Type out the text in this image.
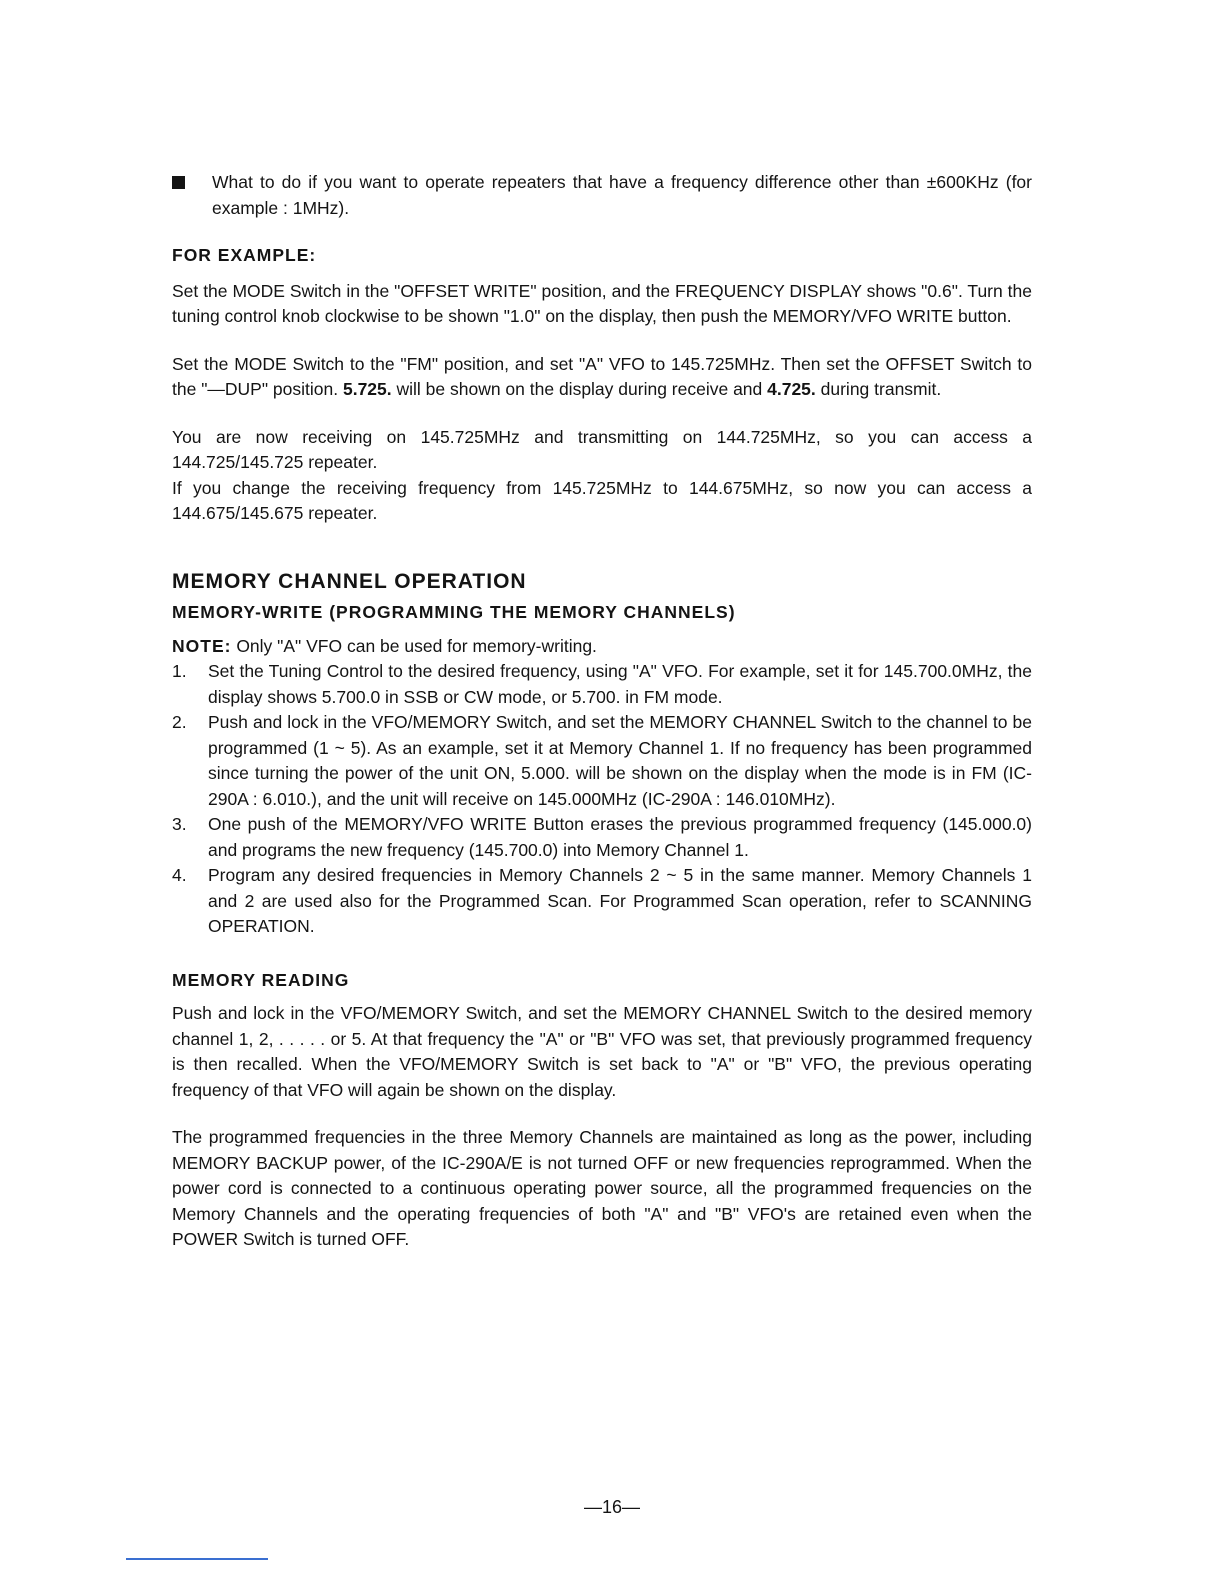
What to do if you want to operate repeaters that have a frequency difference other than ±600KHz (for example : 1MHz).
FOR EXAMPLE:

Set the MODE Switch in the "OFFSET WRITE" position, and the FREQUENCY DISPLAY shows "0.6". Turn the tuning control knob clockwise to be shown "1.0" on the display, then push the MEMORY/VFO WRITE button.

Set the MODE Switch to the "FM" position, and set "A" VFO to 145.725MHz. Then set the OFFSET Switch to the "—DUP" position. 5.725. will be shown on the display during receive and 4.725. during transmit.

You are now receiving on 145.725MHz and transmitting on 144.725MHz, so you can access a 144.725/145.725 repeater.

If you change the receiving frequency from 145.725MHz to 144.675MHz, so now you can access a 144.675/145.675 repeater.

MEMORY CHANNEL OPERATION
MEMORY-WRITE (PROGRAMMING THE MEMORY CHANNELS)

NOTE: Only "A" VFO can be used for memory-writing.

1. Set the Tuning Control to the desired frequency, using "A" VFO. For example, set it for 145.700.0MHz, the display shows 5.700.0 in SSB or CW mode, or 5.700. in FM mode.
2. Push and lock in the VFO/MEMORY Switch, and set the MEMORY CHANNEL Switch to the channel to be programmed (1 ~ 5). As an example, set it at Memory Channel 1. If no frequency has been programmed since turning the power of the unit ON, 5.000. will be shown on the display when the mode is in FM (IC-290A : 6.010.), and the unit will receive on 145.000MHz (IC-290A : 146.010MHz).
3. One push of the MEMORY/VFO WRITE Button erases the previous programmed frequency (145.000.0) and programs the new frequency (145.700.0) into Memory Channel 1.
4. Program any desired frequencies in Memory Channels 2 ~ 5 in the same manner. Memory Channels 1 and 2 are used also for the Programmed Scan. For Programmed Scan operation, refer to SCANNING OPERATION.
MEMORY READING

Push and lock in the VFO/MEMORY Switch, and set the MEMORY CHANNEL Switch to the desired memory channel 1, 2, . . . . . or 5. At that frequency the "A" or "B" VFO was set, that previously programmed frequency is then recalled. When the VFO/MEMORY Switch is set back to "A" or "B" VFO, the previous operating frequency of that VFO will again be shown on the display.

The programmed frequencies in the three Memory Channels are maintained as long as the power, including MEMORY BACKUP power, of the IC-290A/E is not turned OFF or new frequencies reprogrammed. When the power cord is connected to a continuous operating power source, all the programmed frequencies on the Memory Channels and the operating frequencies of both "A" and "B" VFO's are retained even when the POWER Switch is turned OFF.

—16—
